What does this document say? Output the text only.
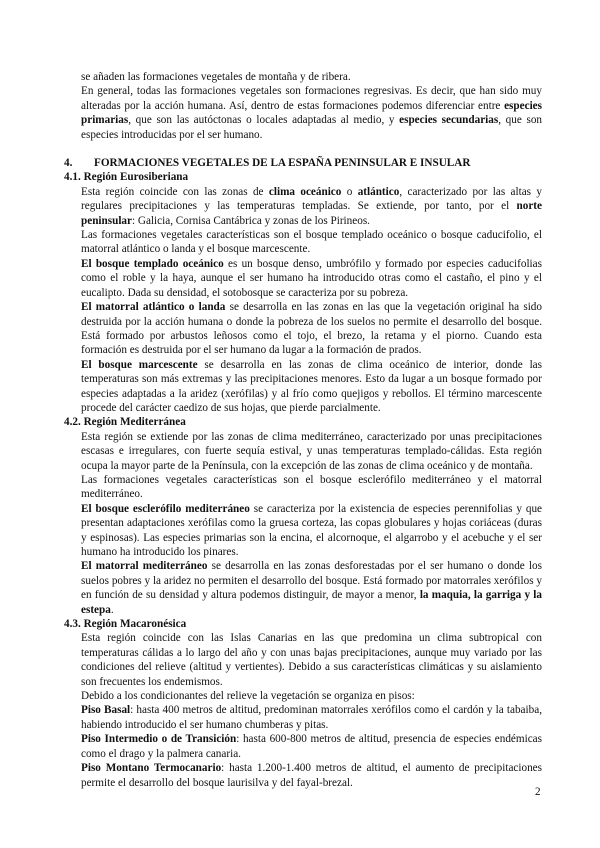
se añaden las formaciones vegetales de montaña y de ribera.

En general, todas las formaciones vegetales son formaciones regresivas. Es decir, que han sido muy alteradas por la acción humana. Así, dentro de estas formaciones podemos diferenciar entre especies primarias, que son las autóctonas o locales adaptadas al medio, y especies secundarias, que son especies introducidas por el ser humano.

4.	FORMACIONES VEGETALES DE LA ESPAÑA PENINSULAR E INSULAR

4.1. Región Eurosiberiana

Esta región coincide con las zonas de clima oceánico o atlántico, caracterizado por las altas y regulares precipitaciones y las temperaturas templadas. Se extiende, por tanto, por el norte peninsular: Galicia, Cornisa Cantábrica y zonas de los Pirineos.

Las formaciones vegetales características son el bosque templado oceánico o bosque caducifolio, el matorral atlántico o landa y el bosque marcescente.

El bosque templado oceánico es un bosque denso, umbrófilo y formado por especies caducifolias como el roble y la haya, aunque el ser humano ha introducido otras como el castaño, el pino y el eucalipto. Dada su densidad, el sotobosque se caracteriza por su pobreza.

El matorral atlántico o landa se desarrolla en las zonas en las que la vegetación original ha sido destruida por la acción humana o donde la pobreza de los suelos no permite el desarrollo del bosque. Está formado por arbustos leñosos como el tojo, el brezo, la retama y el piorno. Cuando esta formación es destruida por el ser humano da lugar a la formación de prados.

El bosque marcescente se desarrolla en las zonas de clima oceánico de interior, donde las temperaturas son más extremas y las precipitaciones menores. Esto da lugar a un bosque formado por especies adaptadas a la aridez (xerófilas) y al frío como quejigos y rebollos. El término marcescente procede del carácter caedizo de sus hojas, que pierde parcialmente.

4.2. Región Mediterránea

Esta región se extiende por las zonas de clima mediterráneo, caracterizado por unas precipitaciones escasas e irregulares, con fuerte sequía estival, y unas temperaturas templado-cálidas. Esta región ocupa la mayor parte de la Península, con la excepción de las zonas de clima oceánico y de montaña.

Las formaciones vegetales características son el bosque esclerófilo mediterráneo y el matorral mediterráneo.

El bosque esclerófilo mediterráneo se caracteriza por la existencia de especies perennifolias y que presentan adaptaciones xerófilas como la gruesa corteza, las copas globulares y hojas coriáceas (duras y espinosas). Las especies primarias son la encina, el alcornoque, el algarrobo y el acebuche y el ser humano ha introducido los pinares.

El matorral mediterráneo se desarrolla en las zonas desforestadas por el ser humano o donde los suelos pobres y la aridez no permiten el desarrollo del bosque. Está formado por matorrales xerófilos y en función de su densidad y altura podemos distinguir, de mayor a menor, la maquia, la garriga y la estepa.

4.3. Región Macaronésica

Esta región coincide con las Islas Canarias en las que predomina un clima subtropical con temperaturas cálidas a lo largo del año y con unas bajas precipitaciones, aunque muy variado por las condiciones del relieve (altitud y vertientes). Debido a sus características climáticas y su aislamiento son frecuentes los endemismos.

Debido a los condicionantes del relieve la vegetación se organiza en pisos:

Piso Basal: hasta 400 metros de altitud, predominan matorrales xerófilos como el cardón y la tabaiba, habiendo introducido el ser humano chumberas y pitas.

Piso Intermedio o de Transición: hasta 600-800 metros de altitud, presencia de especies endémicas como el drago y la palmera canaria.

Piso Montano Termocanario: hasta 1.200-1.400 metros de altitud, el aumento de precipitaciones permite el desarrollo del bosque laurisilva y del fayal-brezal.

2
